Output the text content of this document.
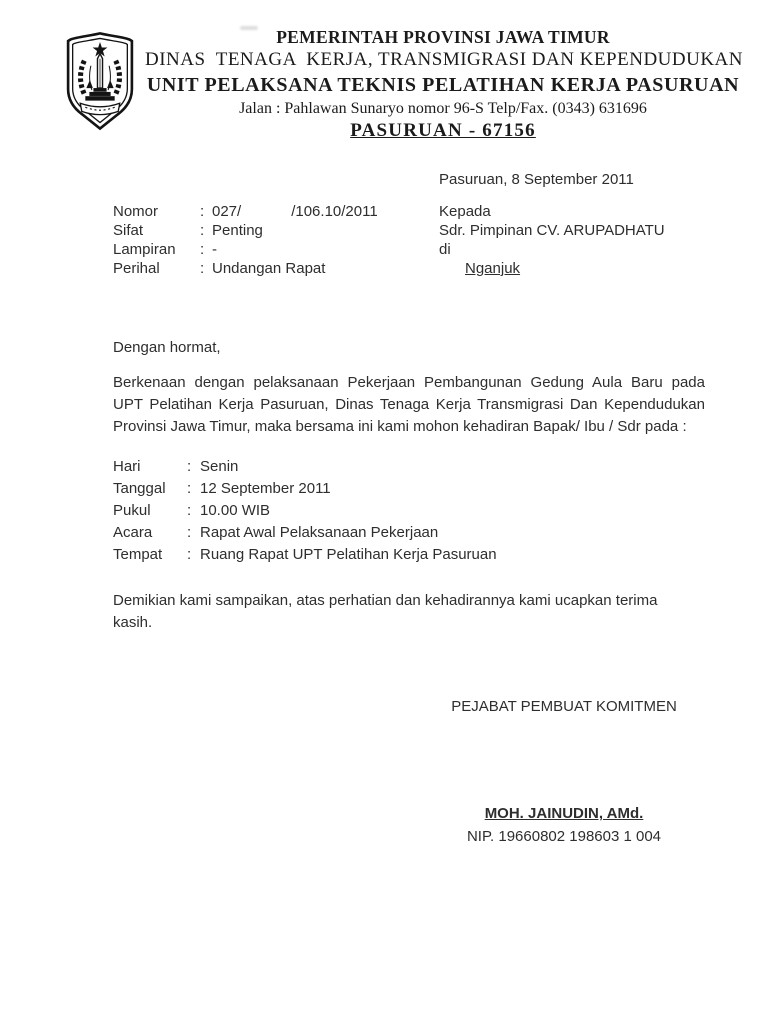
PEMERINTAH PROVINSI JAWA TIMUR
DINAS  TENAGA  KERJA, TRANSMIGRASI DAN KEPENDUDUKAN
UNIT PELAKSANA TEKNIS PELATIHAN KERJA PASURUAN
Jalan : Pahlawan Sunaryo nomor 96-S Telp/Fax. (0343) 631696
PASURUAN - 67156
Pasuruan, 8 September 2011
Nomor	: 027/            /106.10/2011
Sifat	: Penting
Lampiran	: -
Perihal	: Undangan Rapat
Kepada
Sdr. Pimpinan CV. ARUPADHATU
di
Nganjuk
Dengan hormat,
Berkenaan dengan pelaksanaan Pekerjaan Pembangunan Gedung Aula Baru pada
UPT Pelatihan Kerja Pasuruan, Dinas Tenaga Kerja Transmigrasi Dan Kependudukan
Provinsi Jawa Timur, maka bersama ini kami mohon kehadiran Bapak/ Ibu / Sdr pada :
Hari	: Senin
Tanggal	: 12 September 2011
Pukul	: 10.00 WIB
Acara	: Rapat Awal Pelaksanaan Pekerjaan
Tempat	: Ruang Rapat UPT Pelatihan Kerja Pasuruan
Demikian kami sampaikan, atas perhatian dan kehadirannya kami ucapkan terima
kasih.
PEJABAT PEMBUAT KOMITMEN
MOH. JAINUDIN, AMd.
NIP. 19660802 198603 1 004
